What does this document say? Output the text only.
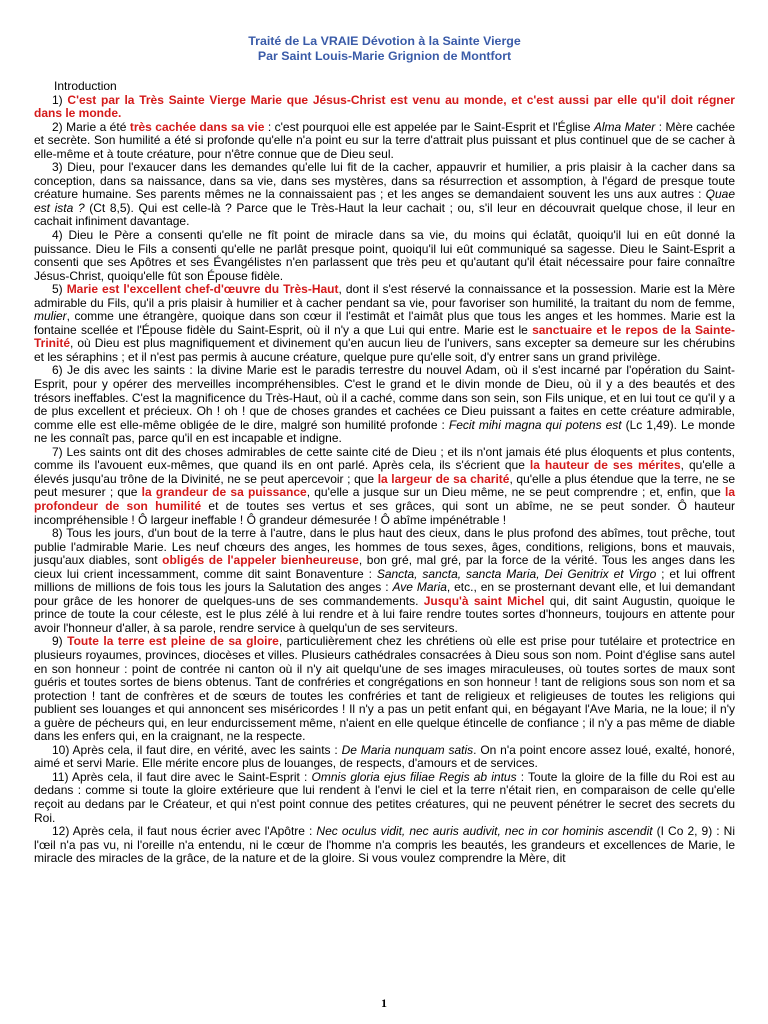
Traité de La VRAIE Dévotion à la Sainte Vierge
Par Saint Louis-Marie Grignion de Montfort

Introduction

1) C'est par la Très Sainte Vierge Marie que Jésus-Christ est venu au monde, et c'est aussi par elle qu'il doit régner dans le monde.

2) Marie a été très cachée dans sa vie : c'est pourquoi elle est appelée par le Saint-Esprit et l'Église Alma Mater : Mère cachée et secrète. Son humilité a été si profonde qu'elle n'a point eu sur la terre d'attrait plus puissant et plus continuel que de se cacher à elle-même et à toute créature, pour n'être connue que de Dieu seul.

3) Dieu, pour l'exaucer dans les demandes qu'elle lui fit de la cacher, appauvrir et humilier, a pris plaisir à la cacher dans sa conception, dans sa naissance, dans sa vie, dans ses mystères, dans sa résurrection et assomption, à l'égard de presque toute créature humaine. Ses parents mêmes ne la connaissaient pas ; et les anges se demandaient souvent les uns aux autres : Quae est ista ? (Ct 8,5). Qui est celle-là ? Parce que le Très-Haut la leur cachait ; ou, s'il leur en découvrait quelque chose, il leur en cachait infiniment davantage.

4) Dieu le Père a consenti qu'elle ne fît point de miracle dans sa vie, du moins qui éclatât, quoiqu'il lui en eût donné la puissance. Dieu le Fils a consenti qu'elle ne parlât presque point, quoiqu'il lui eût communiqué sa sagesse. Dieu le Saint-Esprit a consenti que ses Apôtres et ses Évangélistes n'en parlassent que très peu et qu'autant qu'il était nécessaire pour faire connaître Jésus-Christ, quoiqu'elle fût son Épouse fidèle.

5) Marie est l'excellent chef-d'œuvre du Très-Haut, dont il s'est réservé la connaissance et la possession. Marie est la Mère admirable du Fils, qu'il a pris plaisir à humilier et à cacher pendant sa vie, pour favoriser son humilité, la traitant du nom de femme, mulier, comme une étrangère, quoique dans son cœur il l'estimât et l'aimât plus que tous les anges et les hommes. Marie est la fontaine scellée et l'Épouse fidèle du Saint-Esprit, où il n'y a que Lui qui entre. Marie est le sanctuaire et le repos de la Sainte-Trinité, où Dieu est plus magnifiquement et divinement qu'en aucun lieu de l'univers, sans excepter sa demeure sur les chérubins et les séraphins ; et il n'est pas permis à aucune créature, quelque pure qu'elle soit, d'y entrer sans un grand privilège.

6) Je dis avec les saints : la divine Marie est le paradis terrestre du nouvel Adam, où il s'est incarné par l'opération du Saint-Esprit, pour y opérer des merveilles incompréhensibles. C'est le grand et le divin monde de Dieu, où il y a des beautés et des trésors ineffables. C'est la magnificence du Très-Haut, où il a caché, comme dans son sein, son Fils unique, et en lui tout ce qu'il y a de plus excellent et précieux. Oh ! oh ! que de choses grandes et cachées ce Dieu puissant a faites en cette créature admirable, comme elle est elle-même obligée de le dire, malgré son humilité profonde : Fecit mihi magna qui potens est (Lc 1,49). Le monde ne les connaît pas, parce qu'il en est incapable et indigne.

7) Les saints ont dit des choses admirables de cette sainte cité de Dieu ; et ils n'ont jamais été plus éloquents et plus contents, comme ils l'avouent eux-mêmes, que quand ils en ont parlé. Après cela, ils s'écrient que la hauteur de ses mérites, qu'elle a élevés jusqu'au trône de la Divinité, ne se peut apercevoir ; que la largeur de sa charité, qu'elle a plus étendue que la terre, ne se peut mesurer ; que la grandeur de sa puissance, qu'elle a jusque sur un Dieu même, ne se peut comprendre ; et, enfin, que la profondeur de son humilité et de toutes ses vertus et ses grâces, qui sont un abîme, ne se peut sonder. Ô hauteur incompréhensible ! Ô largeur ineffable ! Ô grandeur démesurée ! Ô abîme impénétrable !

8) Tous les jours, d'un bout de la terre à l'autre, dans le plus haut des cieux, dans le plus profond des abîmes, tout prêche, tout publie l'admirable Marie. Les neuf chœurs des anges, les hommes de tous sexes, âges, conditions, religions, bons et mauvais, jusqu'aux diables, sont obligés de l'appeler bienheureuse, bon gré, mal gré, par la force de la vérité. Tous les anges dans les cieux lui crient incessamment, comme dit saint Bonaventure : Sancta, sancta, sancta Maria, Dei Genitrix et Virgo ; et lui offrent millions de millions de fois tous les jours la Salutation des anges : Ave Maria, etc., en se prosternant devant elle, et lui demandant pour grâce de les honorer de quelques-uns de ses commandements. Jusqu'à saint Michel qui, dit saint Augustin, quoique le prince de toute la cour céleste, est le plus zélé à lui rendre et à lui faire rendre toutes sortes d'honneurs, toujours en attente pour avoir l'honneur d'aller, à sa parole, rendre service à quelqu'un de ses serviteurs.

9) Toute la terre est pleine de sa gloire, particulièrement chez les chrétiens où elle est prise pour tutélaire et protectrice en plusieurs royaumes, provinces, diocèses et villes. Plusieurs cathédrales consacrées à Dieu sous son nom. Point d'église sans autel en son honneur : point de contrée ni canton où il n'y ait quelqu'une de ses images miraculeuses, où toutes sortes de maux sont guéris et toutes sortes de biens obtenus. Tant de confréries et congrégations en son honneur ! tant de religions sous son nom et sa protection ! tant de confrères et de sœurs de toutes les confréries et tant de religieux et religieuses de toutes les religions qui publient ses louanges et qui annoncent ses miséricordes ! Il n'y a pas un petit enfant qui, en bégayant l'Ave Maria, ne la loue; il n'y a guère de pécheurs qui, en leur endurcissement même, n'aient en elle quelque étincelle de confiance ; il n'y a pas même de diable dans les enfers qui, en la craignant, ne la respecte.

10) Après cela, il faut dire, en vérité, avec les saints : De Maria nunquam satis. On n'a point encore assez loué, exalté, honoré, aimé et servi Marie. Elle mérite encore plus de louanges, de respects, d'amours et de services.

11) Après cela, il faut dire avec le Saint-Esprit : Omnis gloria ejus filiae Regis ab intus : Toute la gloire de la fille du Roi est au dedans : comme si toute la gloire extérieure que lui rendent à l'envi le ciel et la terre n'était rien, en comparaison de celle qu'elle reçoit au dedans par le Créateur, et qui n'est point connue des petites créatures, qui ne peuvent pénétrer le secret des secrets du Roi.

12) Après cela, il faut nous écrier avec l'Apôtre : Nec oculus vidit, nec auris audivit, nec in cor hominis ascendit (I Co 2, 9) : Ni l'œil n'a pas vu, ni l'oreille n'a entendu, ni le cœur de l'homme n'a compris les beautés, les grandeurs et excellences de Marie, le miracle des miracles de la grâce, de la nature et de la gloire. Si vous voulez comprendre la Mère, dit

1
